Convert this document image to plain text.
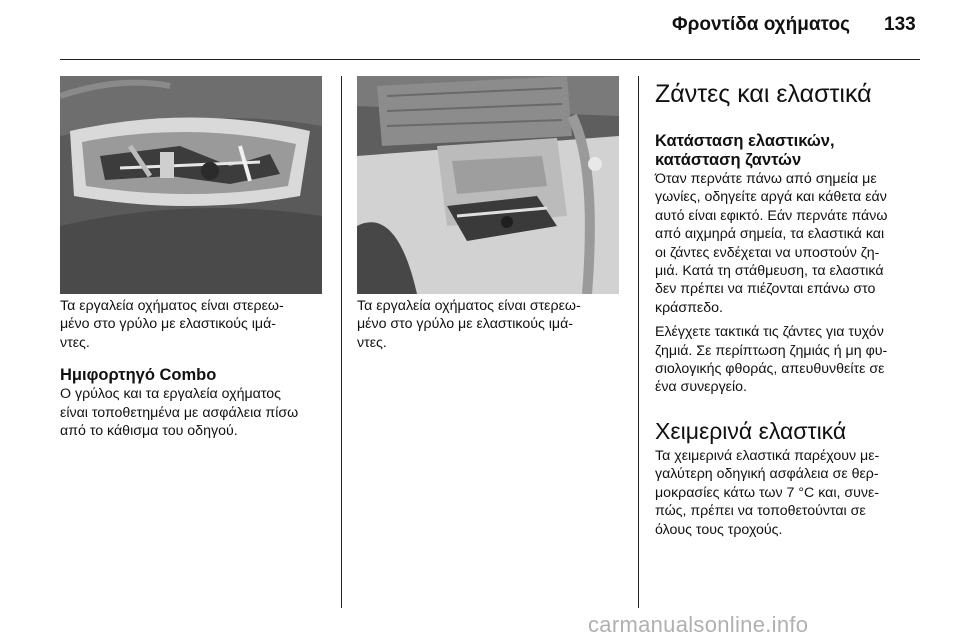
Φροντίδα οχήματος 133

Τα εργαλεία οχήματος είναι στερεω‐
μένο στο γρύλο με ελαστικούς ιμά‐
ντες.

Ημιφορτηγό Combo

Ο γρύλος και τα εργαλεία οχήματος
είναι τοποθετημένα με ασφάλεια πίσω
από το κάθισμα του οδηγού.

Τα εργαλεία οχήματος είναι στερεω‐
μένο στο γρύλο με ελαστικούς ιμά‐
ντες.

Ζάντες και ελαστικά
Κατάσταση ελαστικών,
κατάσταση ζαντών

Όταν περνάτε πάνω από σημεία με
γωνίες, οδηγείτε αργά και κάθετα εάν
αυτό είναι εφικτό. Εάν περνάτε πάνω
από αιχμηρά σημεία, τα ελαστικά και
οι ζάντες ενδέχεται να υποστούν ζη‐
μιά. Κατά τη στάθμευση, τα ελαστικά
δεν πρέπει να πιέζονται επάνω στο
κράσπεδο.

Ελέγχετε τακτικά τις ζάντες για τυχόν
ζημιά. Σε περίπτωση ζημιάς ή μη φυ‐
σιολογικής φθοράς, απευθυνθείτε σε
ένα συνεργείο.

Χειμερινά ελαστικά

Τα χειμερινά ελαστικά παρέχουν με‐
γαλύτερη οδηγική ασφάλεια σε θερ‐
μοκρασίες κάτω των 7 °C και, συνε‐
πώς, πρέπει να τοποθετούνται σε
όλους τους τροχούς.

carmanualsonline.info
